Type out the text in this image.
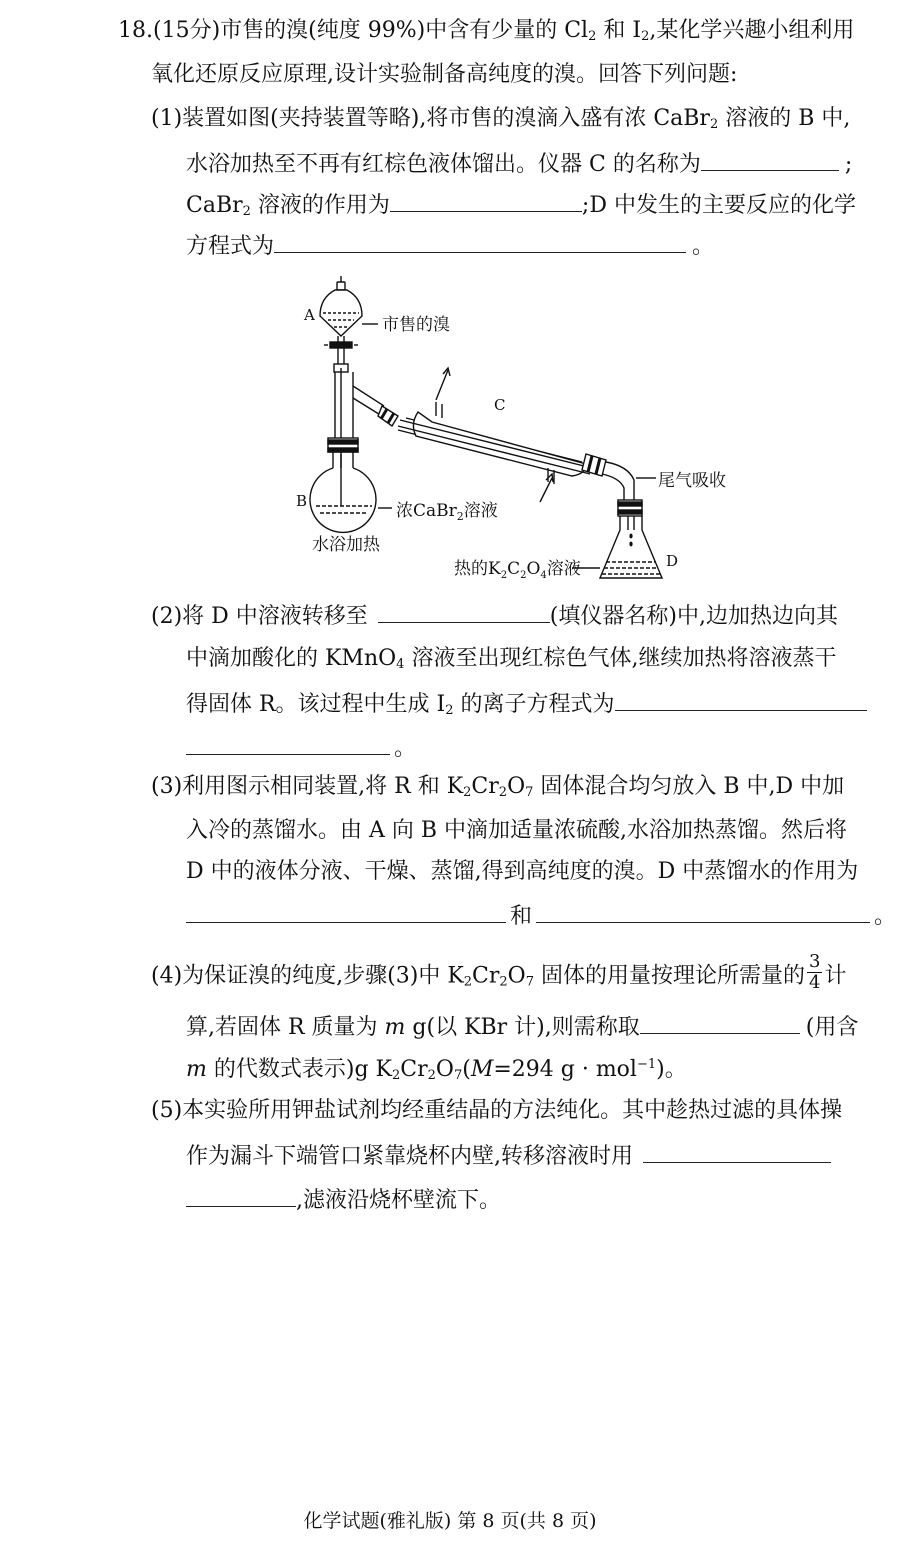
18.(15分)市售的溴(纯度 99%)中含有少量的 $Cl_2$ 和 $I_2$,某化学兴趣小组利用
氧化还原反应原理,设计实验制备高纯度的溴。回答下列问题:
(1)装置如图(夹持装置等略),将市售的溴滴入盛有浓 CaBr$_2$ 溶液的 B 中,
水浴加热至不再有红棕色液体馏出。仪器 C 的名称为	;
CaBr$_2$ 溶液的作用为	;D 中发生的主要反应的化学
方程式为	。
A	市售的溴
B	浓CaBr$_2$溶液
水浴加热
C
尾气吸收
热的$K_2C_2O_4$溶液	D
(2)将 D 中溶液转移至	(填仪器名称)中,边加热边向其
中滴加酸化的 KMnO$_4$ 溶液至出现红棕色气体,继续加热将溶液蒸干
得固体 R。该过程中生成 $I_2$ 的离子方程式为
。
(3)利用图示相同装置,将 R 和 $K_2Cr_2O_7$ 固体混合均匀放入 B 中,D 中加
入冷的蒸馏水。由 A 向 B 中滴加适量浓硫酸,水浴加热蒸馏。然后将
D 中的液体分液、干燥、蒸馏,得到高纯度的溴。D 中蒸馏水的作用为
和	。
(4)为保证溴的纯度,步骤(3)中 $K_2Cr_2O_7$ 固体的用量按理论所需量的 $\frac{3}{4}$ 计
算,若固体 R 质量为 m g(以 KBr 计),则需称取	(用含
m 的代数式表示)g $K_2Cr_2O_7(M=294$ g · mol$^{-1}$)。
(5)本实验所用钾盐试剂均经重结晶的方法纯化。其中趁热过滤的具体操
作为漏斗下端管口紧靠烧杯内壁,转移溶液时用
,滤液沿烧杯壁流下。
化学试题(雅礼版) 第 8 页(共 8 页)
